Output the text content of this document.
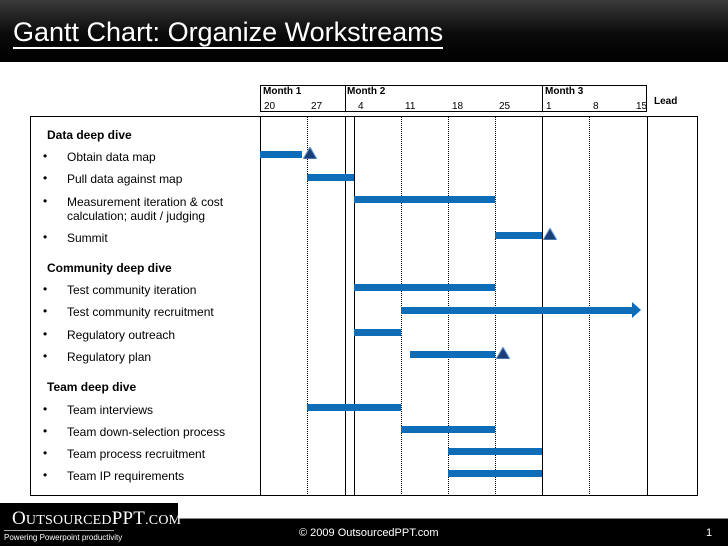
Gantt Chart: Organize Workstreams
Month 1	Month 2	Month 3
20	27	4	11	18	25	1	8	15 Lead
Data deep dive
• Obtain data map
• Pull data against map
• Measurement iteration & cost calculation; audit / judging
• Summit
Community deep dive
• Test community iteration
• Test community recruitment
• Regulatory outreach
• Regulatory plan
Team deep dive
• Team interviews
• Team down-selection process
• Team process recruitment
• Team IP requirements
OUTSOURCEDPPT.COM
Powering Powerpoint productivity	© 2009 OutsourcedPPT.com	1
